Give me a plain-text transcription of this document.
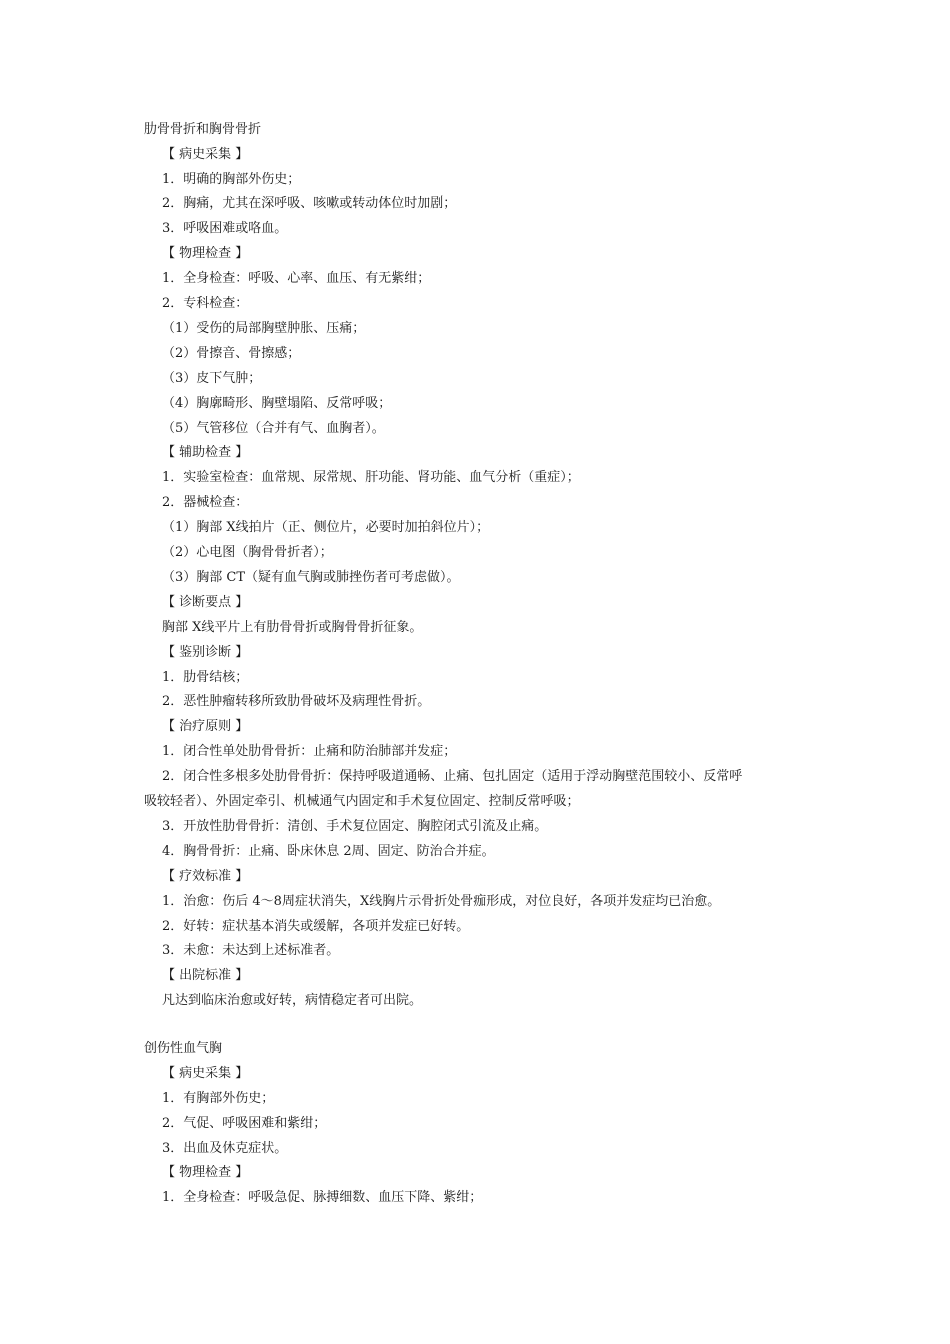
肋骨骨折和胸骨骨折
【 病史采集 】
1．明确的胸部外伤史；
2．胸痛，尤其在深呼吸、咳嗽或转动体位时加剧；
3．呼吸困难或咯血。
【 物理检查 】
1．全身检查：呼吸、心率、血压、有无紫绀；
2．专科检查：
（1）受伤的局部胸壁肿胀、压痛；
（2）骨擦音、骨擦感；
（3）皮下气肿；
（4）胸廓畸形、胸壁塌陷、反常呼吸；
（5）气管移位（合并有气、血胸者）。
【 辅助检查 】
1．实验室检查：血常规、尿常规、肝功能、肾功能、血气分析（重症）；
2．器械检查：
（1）胸部 X线拍片（正、侧位片，必要时加拍斜位片）；
（2）心电图（胸骨骨折者）；
（3）胸部 CT（疑有血气胸或肺挫伤者可考虑做）。
【 诊断要点 】
胸部 X线平片上有肋骨骨折或胸骨骨折征象。
【 鉴别诊断 】
1．肋骨结核；
2．恶性肿瘤转移所致肋骨破坏及病理性骨折。
【 治疗原则 】
1．闭合性单处肋骨骨折：止痛和防治肺部并发症；
2．闭合性多根多处肋骨骨折：保持呼吸道通畅、止痛、包扎固定（适用于浮动胸壁范围较小、反常呼
吸较轻者）、外固定牵引、机械通气内固定和手术复位固定、控制反常呼吸；
3．开放性肋骨骨折：清创、手术复位固定、胸腔闭式引流及止痛。
4．胸骨骨折：止痛、卧床休息 2周、固定、防治合并症。
【 疗效标准 】
1．治愈：伤后 4～8周症状消失，X线胸片示骨折处骨痂形成，对位良好，各项并发症均已治愈。
2．好转：症状基本消失或缓解，各项并发症已好转。
3．未愈：未达到上述标准者。
【 出院标准 】
凡达到临床治愈或好转，病情稳定者可出院。
创伤性血气胸
【 病史采集 】
1．有胸部外伤史；
2．气促、呼吸困难和紫绀；
3．出血及休克症状。
【 物理检查 】
1．全身检查：呼吸急促、脉搏细数、血压下降、紫绀；
